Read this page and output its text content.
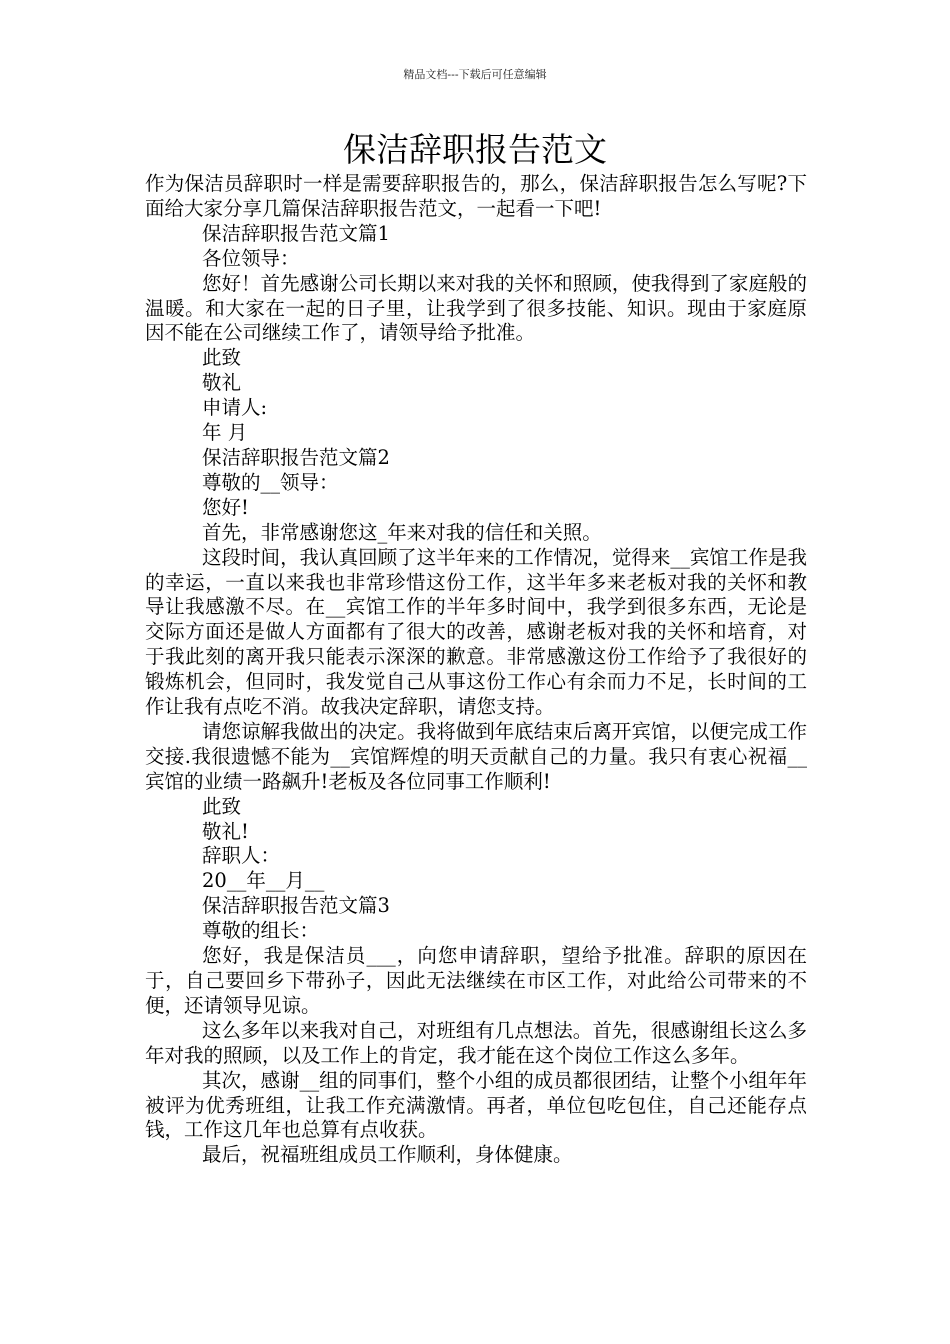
精品文档---下载后可任意编辑
保洁辞职报告范文

作为保洁员辞职时一样是需要辞职报告的，那么，保洁辞职报告怎么写呢?下面给大家分享几篇保洁辞职报告范文，一起看一下吧!

保洁辞职报告范文篇1

各位领导：

您好！首先感谢公司长期以来对我的关怀和照顾，使我得到了家庭般的温暖。和大家在一起的日子里，让我学到了很多技能、知识。现由于家庭原因不能在公司继续工作了，请领导给予批准。

此致

敬礼

申请人:

年 月

保洁辞职报告范文篇2

尊敬的__领导：

您好!

首先，非常感谢您这_年来对我的信任和关照。

这段时间，我认真回顾了这半年来的工作情况，觉得来__宾馆工作是我的幸运，一直以来我也非常珍惜这份工作，这半年多来老板对我的关怀和教导让我感激不尽。在__宾馆工作的半年多时间中，我学到很多东西，无论是交际方面还是做人方面都有了很大的改善，感谢老板对我的关怀和培育，对于我此刻的离开我只能表示深深的歉意。非常感激这份工作给予了我很好的锻炼机会，但同时，我发觉自己从事这份工作心有余而力不足，长时间的工作让我有点吃不消。故我决定辞职，请您支持。

请您谅解我做出的决定。我将做到年底结束后离开宾馆，以便完成工作交接.我很遗憾不能为__宾馆辉煌的明天贡献自己的力量。我只有衷心祝福__宾馆的业绩一路飙升!老板及各位同事工作顺利!

此致

敬礼!

辞职人：

20__年__月__

保洁辞职报告范文篇3

尊敬的组长：

您好，我是保洁员___，向您申请辞职，望给予批准。辞职的原因在于，自己要回乡下带孙子，因此无法继续在市区工作，对此给公司带来的不便，还请领导见谅。

这么多年以来我对自己，对班组有几点想法。首先，很感谢组长这么多年对我的照顾，以及工作上的肯定，我才能在这个岗位工作这么多年。

其次，感谢__组的同事们，整个小组的成员都很团结，让整个小组年年被评为优秀班组，让我工作充满激情。再者，单位包吃包住，自己还能存点钱，工作这几年也总算有点收获。

最后，祝福班组成员工作顺利，身体健康。
